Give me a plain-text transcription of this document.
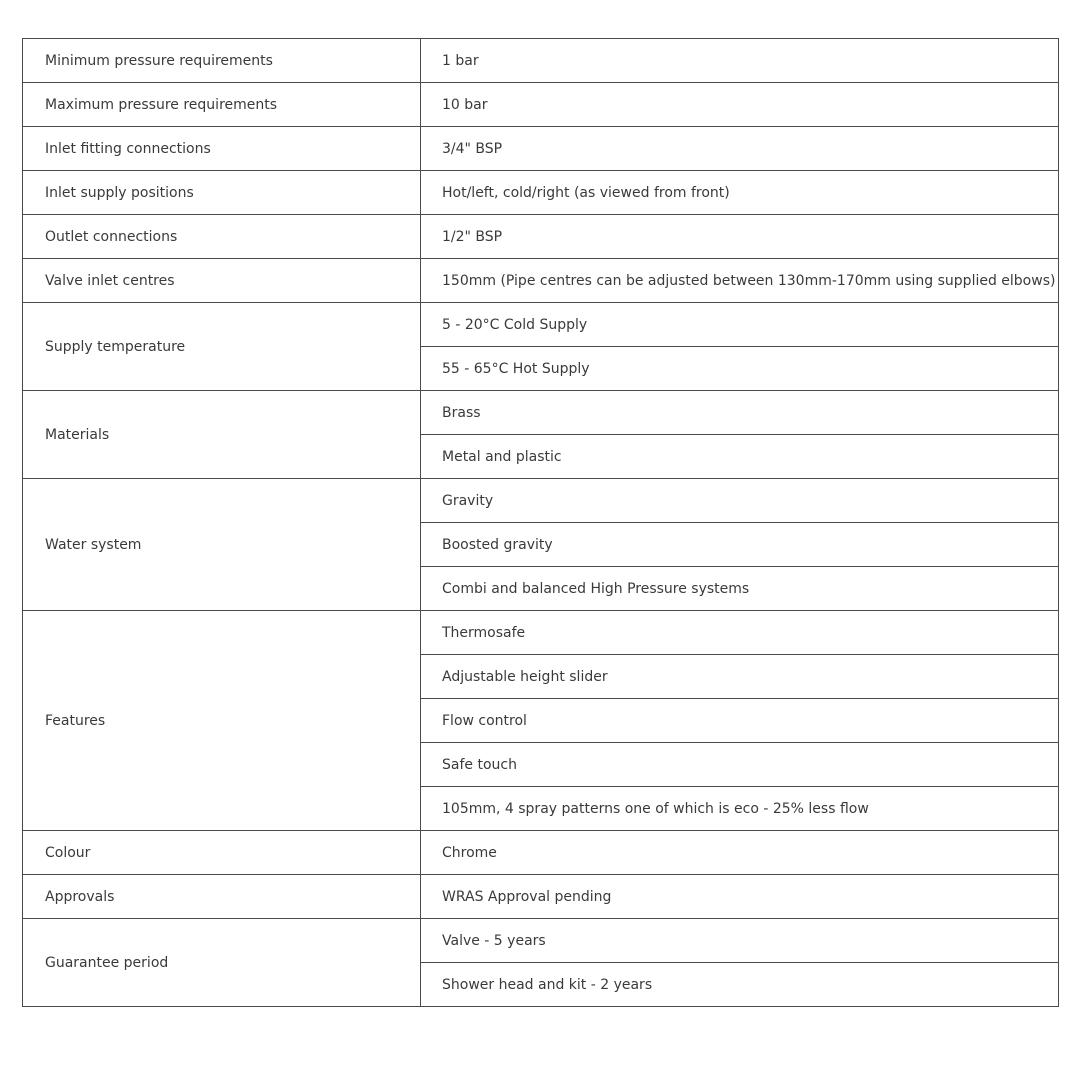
Minimum pressure requirements	1 bar
Maximum pressure requirements	10 bar
Inlet fitting connections	3/4" BSP
Inlet supply positions	Hot/left, cold/right (as viewed from front)
Outlet connections	1/2" BSP
Valve inlet centres	150mm (Pipe centres can be adjusted between 130mm-170mm using supplied elbows)
Supply temperature	5 - 20°C Cold Supply
	55 - 65°C Hot Supply
Materials	Brass
	Metal and plastic
Water system	Gravity
	Boosted gravity
	Combi and balanced High Pressure systems
Features	Thermosafe
	Adjustable height slider
	Flow control
	Safe touch
	105mm, 4 spray patterns one of which is eco - 25% less flow
Colour	Chrome
Approvals	WRAS Approval pending
Guarantee period	Valve - 5 years
	Shower head and kit - 2 years
